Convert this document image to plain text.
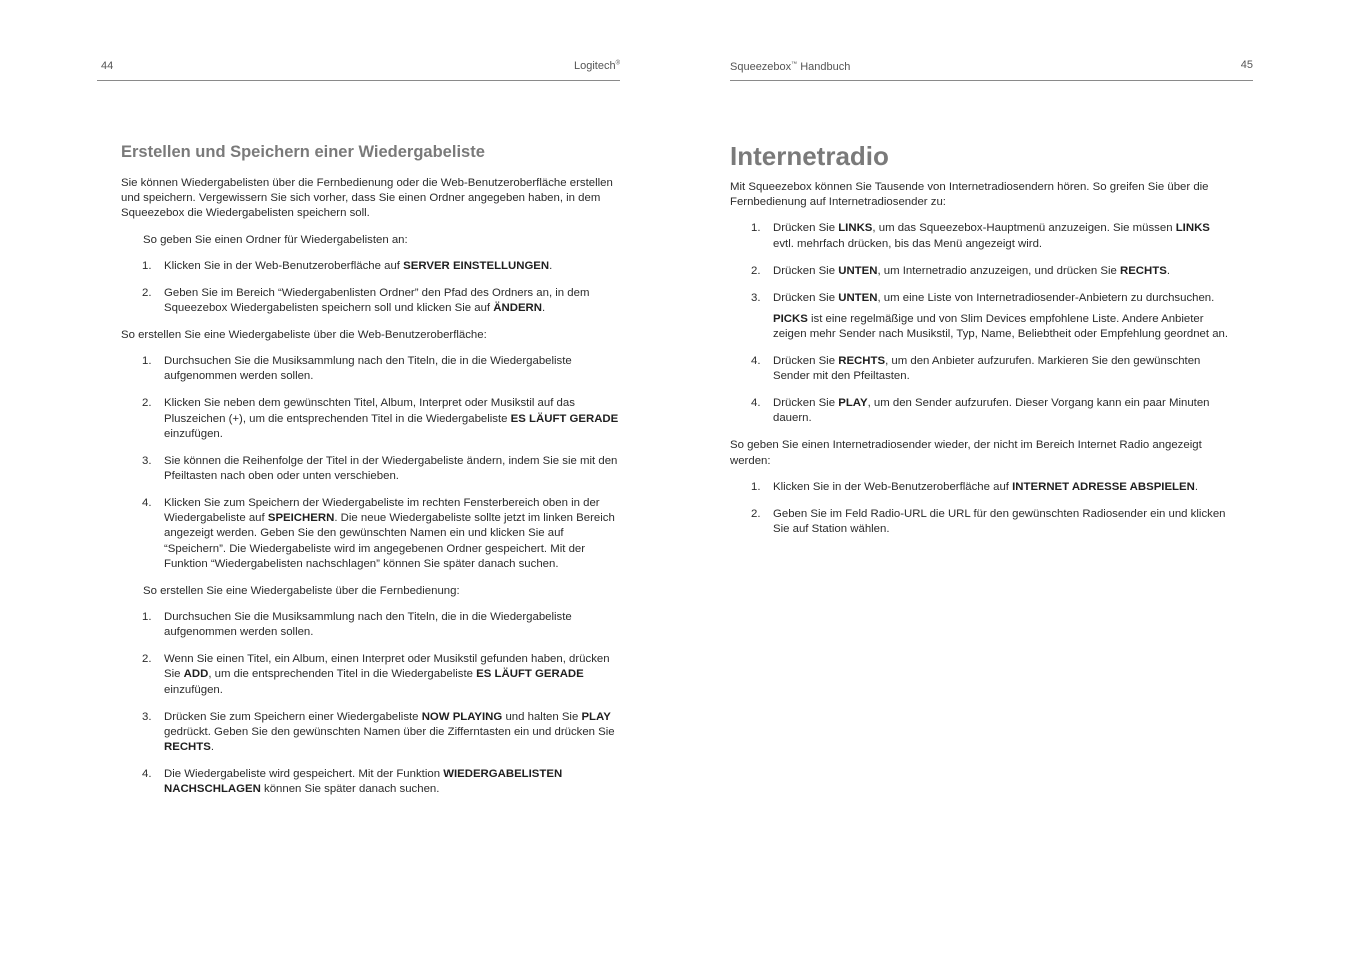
44	Logitech®
Erstellen und Speichern einer Wiedergabeliste

Sie können Wiedergabelisten über die Fernbedienung oder die Web-Benutzeroberfläche erstellen und speichern. Vergewissern Sie sich vorher, dass Sie einen Ordner angegeben haben, in dem Squeezebox die Wiedergabelisten speichern soll.

So geben Sie einen Ordner für Wiedergabelisten an:

1. Klicken Sie in der Web-Benutzeroberfläche auf SERVER EINSTELLUNGEN.
2. Geben Sie im Bereich “Wiedergabenlisten Ordner” den Pfad des Ordners an, in dem Squeezebox Wiedergabelisten speichern soll und klicken Sie auf ÄNDERN.

So erstellen Sie eine Wiedergabeliste über die Web-Benutzeroberfläche:

1. Durchsuchen Sie die Musiksammlung nach den Titeln, die in die Wiedergabeliste aufgenommen werden sollen.
2. Klicken Sie neben dem gewünschten Titel, Album, Interpret oder Musikstil auf das Pluszeichen (+), um die entsprechenden Titel in die Wiedergabeliste ES LÄUFT GERADE einzufügen.
3. Sie können die Reihenfolge der Titel in der Wiedergabeliste ändern, indem Sie sie mit den Pfeiltasten nach oben oder unten verschieben.
4. Klicken Sie zum Speichern der Wiedergabeliste im rechten Fensterbereich oben in der Wiedergabeliste auf SPEICHERN. Die neue Wiedergabeliste sollte jetzt im linken Bereich angezeigt werden. Geben Sie den gewünschten Namen ein und klicken Sie auf “Speichern”. Die Wiedergabeliste wird im angegebenen Ordner gespeichert. Mit der Funktion “Wiedergabelisten nachschlagen” können Sie später danach suchen.

So erstellen Sie eine Wiedergabeliste über die Fernbedienung:

1. Durchsuchen Sie die Musiksammlung nach den Titeln, die in die Wiedergabeliste aufgenommen werden sollen.
2. Wenn Sie einen Titel, ein Album, einen Interpret oder Musikstil gefunden haben, drücken Sie ADD, um die entsprechenden Titel in die Wiedergabeliste ES LÄUFT GERADE einzufügen.
3. Drücken Sie zum Speichern einer Wiedergabeliste NOW PLAYING und halten Sie PLAY gedrückt. Geben Sie den gewünschten Namen über die Zifferntasten ein und drücken Sie RECHTS.
4. Die Wiedergabeliste wird gespeichert. Mit der Funktion WIEDERGABELISTEN NACHSCHLAGEN können Sie später danach suchen.
Squeezebox™ Handbuch	45
Internetradio

Mit Squeezebox können Sie Tausende von Internetradiosendern hören. So greifen Sie über die Fernbedienung auf Internetradiosender zu:

1. Drücken Sie LINKS, um das Squeezebox-Hauptmenü anzuzeigen. Sie müssen LINKS evtl. mehrfach drücken, bis das Menü angezeigt wird.
2. Drücken Sie UNTEN, um Internetradio anzuzeigen, und drücken Sie RECHTS.
3. Drücken Sie UNTEN, um eine Liste von Internetradiosender-Anbietern zu durchsuchen.
PICKS ist eine regelmäßige und von Slim Devices empfohlene Liste. Andere Anbieter zeigen mehr Sender nach Musikstil, Typ, Name, Beliebtheit oder Empfehlung geordnet an.
4. Drücken Sie RECHTS, um den Anbieter aufzurufen. Markieren Sie den gewünschten Sender mit den Pfeiltasten.
4. Drücken Sie PLAY, um den Sender aufzurufen. Dieser Vorgang kann ein paar Minuten dauern.

So geben Sie einen Internetradiosender wieder, der nicht im Bereich Internet Radio angezeigt werden:

1. Klicken Sie in der Web-Benutzeroberfläche auf INTERNET ADRESSE ABSPIELEN.
2. Geben Sie im Feld Radio-URL die URL für den gewünschten Radiosender ein und klicken Sie auf Station wählen.
